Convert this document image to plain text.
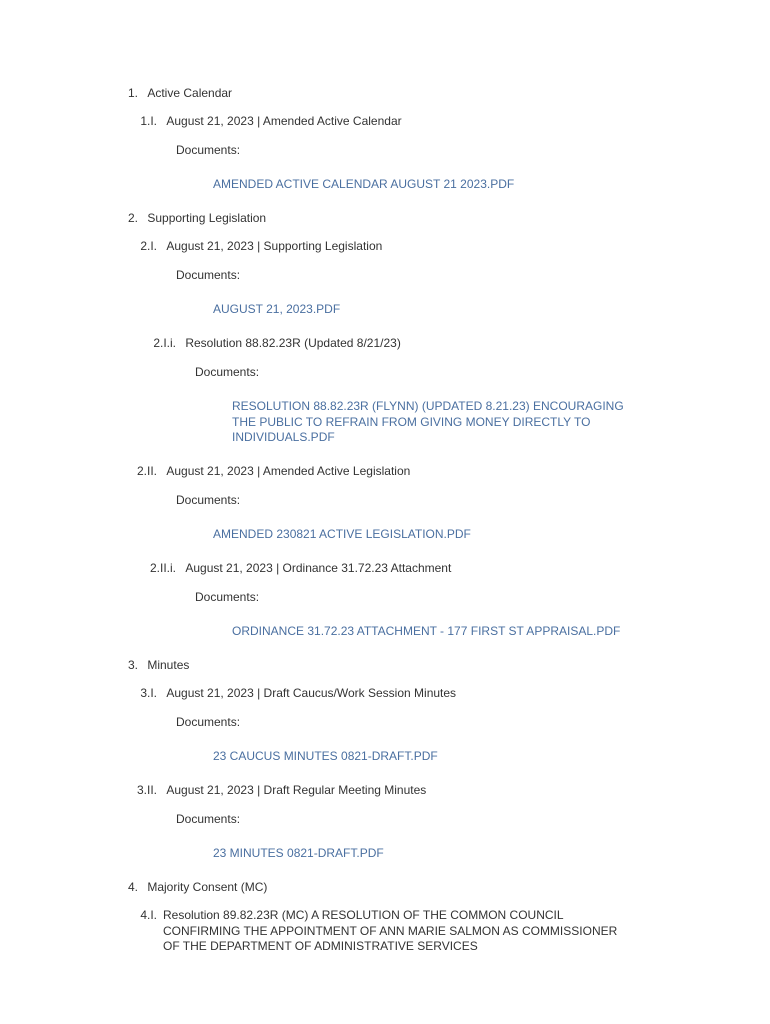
1. Active Calendar
1.I. August 21, 2023 | Amended Active Calendar
Documents:
AMENDED ACTIVE CALENDAR AUGUST 21 2023.PDF
2. Supporting Legislation
2.I. August 21, 2023 | Supporting Legislation
Documents:
AUGUST 21, 2023.PDF
2.I.i. Resolution 88.82.23R (Updated 8/21/23)
Documents:
RESOLUTION 88.82.23R (FLYNN) (UPDATED 8.21.23) ENCOURAGING THE PUBLIC TO REFRAIN FROM GIVING MONEY DIRECTLY TO INDIVIDUALS.PDF
2.II. August 21, 2023 | Amended Active Legislation
Documents:
AMENDED 230821 ACTIVE LEGISLATION.PDF
2.II.i. August 21, 2023 | Ordinance 31.72.23 Attachment
Documents:
ORDINANCE 31.72.23 ATTACHMENT - 177 FIRST ST APPRAISAL.PDF
3. Minutes
3.I. August 21, 2023 | Draft Caucus/Work Session Minutes
Documents:
23 CAUCUS MINUTES 0821-DRAFT.PDF
3.II. August 21, 2023 | Draft Regular Meeting Minutes
Documents:
23 MINUTES 0821-DRAFT.PDF
4. Majority Consent (MC)
4.I. Resolution 89.82.23R (MC) A RESOLUTION OF THE COMMON COUNCIL CONFIRMING THE APPOINTMENT OF ANN MARIE SALMON AS COMMISSIONER OF THE DEPARTMENT OF ADMINISTRATIVE SERVICES
